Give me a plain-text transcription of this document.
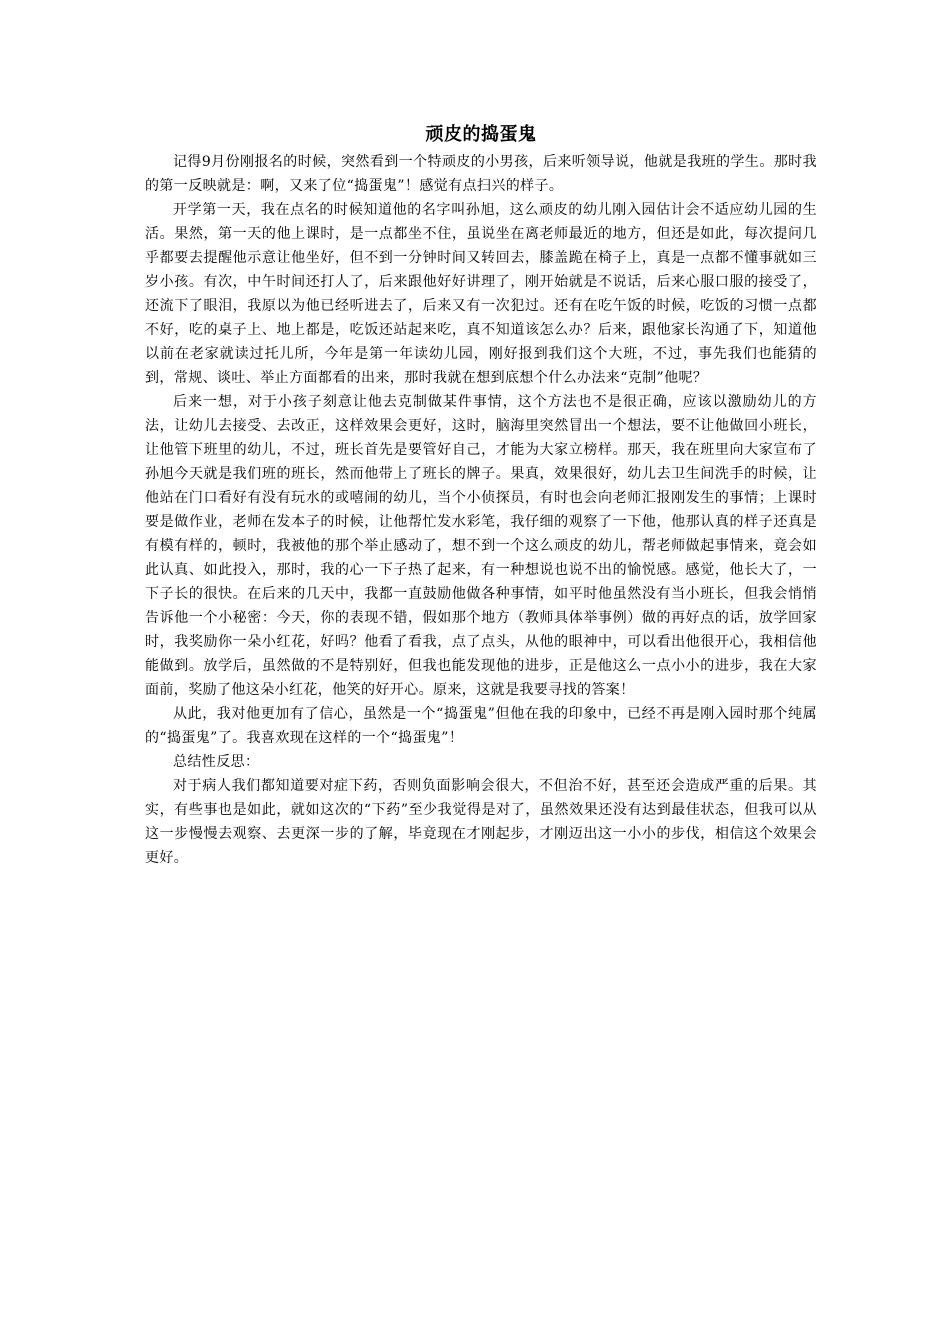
顽皮的捣蛋鬼

记得9月份刚报名的时候，突然看到一个特顽皮的小男孩，后来听领导说，他就是我班的学生。那时我的第一反映就是：啊，又来了位“捣蛋鬼”！感觉有点扫兴的样子。

开学第一天，我在点名的时候知道他的名字叫孙旭，这么顽皮的幼儿刚入园估计会不适应幼儿园的生活。果然，第一天的他上课时，是一点都坐不住，虽说坐在离老师最近的地方，但还是如此，每次提问几乎都要去提醒他示意让他坐好，但不到一分钟时间又转回去，膝盖跪在椅子上，真是一点都不懂事就如三岁小孩。有次，中午时间还打人了，后来跟他好好讲理了，刚开始就是不说话，后来心服口服的接受了，还流下了眼泪，我原以为他已经听进去了，后来又有一次犯过。还有在吃午饭的时候，吃饭的习惯一点都不好，吃的桌子上、地上都是，吃饭还站起来吃，真不知道该怎么办？后来，跟他家长沟通了下，知道他以前在老家就读过托儿所，今年是第一年读幼儿园，刚好报到我们这个大班，不过，事先我们也能猜的到，常规、谈吐、举止方面都看的出来，那时我就在想到底想个什么办法来“克制”他呢？

后来一想，对于小孩子刻意让他去克制做某件事情，这个方法也不是很正确，应该以激励幼儿的方法，让幼儿去接受、去改正，这样效果会更好，这时，脑海里突然冒出一个想法，要不让他做回小班长，让他管下班里的幼儿，不过，班长首先是要管好自己，才能为大家立榜样。那天，我在班里向大家宣布了孙旭今天就是我们班的班长，然而他带上了班长的牌子。果真，效果很好，幼儿去卫生间洗手的时候，让他站在门口看好有没有玩水的或嘻闹的幼儿，当个小侦探员，有时也会向老师汇报刚发生的事情；上课时要是做作业，老师在发本子的时候，让他帮忙发水彩笔，我仔细的观察了一下他，他那认真的样子还真是有模有样的，顿时，我被他的那个举止感动了，想不到一个这么顽皮的幼儿，帮老师做起事情来，竟会如此认真、如此投入，那时，我的心一下子热了起来，有一种想说也说不出的愉悦感。感觉，他长大了，一下子长的很快。在后来的几天中，我都一直鼓励他做各种事情，如平时他虽然没有当小班长，但我会悄悄告诉他一个小秘密：今天，你的表现不错，假如那个地方（教师具体举事例）做的再好点的话，放学回家时，我奖励你一朵小红花，好吗？他看了看我，点了点头，从他的眼神中，可以看出他很开心，我相信他能做到。放学后，虽然做的不是特别好，但我也能发现他的进步，正是他这么一点小小的进步，我在大家面前，奖励了他这朵小红花，他笑的好开心。原来，这就是我要寻找的答案！

从此，我对他更加有了信心，虽然是一个“捣蛋鬼”但他在我的印象中，已经不再是刚入园时那个纯属的“捣蛋鬼”了。我喜欢现在这样的一个“捣蛋鬼”！

总结性反思：

对于病人我们都知道要对症下药，否则负面影响会很大，不但治不好，甚至还会造成严重的后果。其实，有些事也是如此，就如这次的“下药”至少我觉得是对了，虽然效果还没有达到最佳状态，但我可以从这一步慢慢去观察、去更深一步的了解，毕竟现在才刚起步，才刚迈出这一小小的步伐，相信这个效果会更好。
